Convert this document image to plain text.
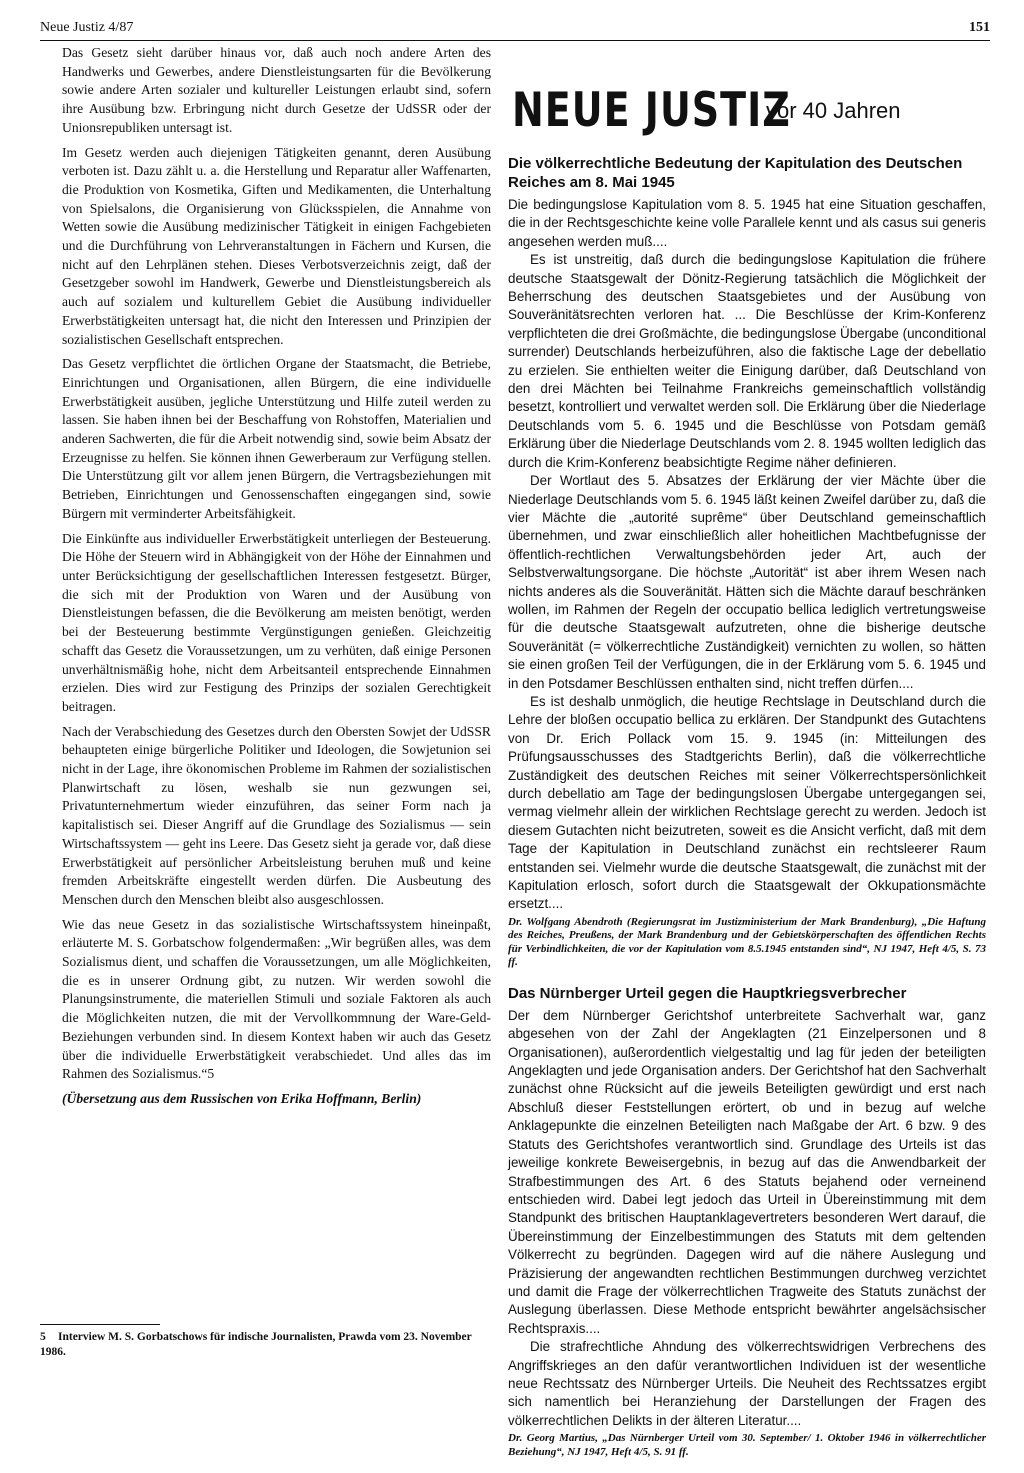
Neue Justiz 4/87	151

Das Gesetz sieht darüber hinaus vor, daß auch noch andere Arten des Handwerks und Gewerbes, andere Dienstleistungsarten für die Bevölkerung sowie andere Arten sozialer und kultureller Leistungen erlaubt sind, sofern ihre Ausübung bzw. Erbringung nicht durch Gesetze der UdSSR oder der Unionsrepubliken untersagt ist.

Im Gesetz werden auch diejenigen Tätigkeiten genannt, deren Ausübung verboten ist. Dazu zählt u. a. die Herstellung und Reparatur aller Waffenarten, die Produktion von Kosmetika, Giften und Medikamenten, die Unterhaltung von Spielsalons, die Organisierung von Glücksspielen, die Annahme von Wetten sowie die Ausübung medizinischer Tätigkeit in einigen Fachgebieten und die Durchführung von Lehrveranstaltungen in Fächern und Kursen, die nicht auf den Lehrplänen stehen. Dieses Verbotsverzeichnis zeigt, daß der Gesetzgeber sowohl im Handwerk, Gewerbe und Dienstleistungsbereich als auch auf sozialem und kulturellem Gebiet die Ausübung individueller Erwerbstätigkeiten untersagt hat, die nicht den Interessen und Prinzipien der sozialistischen Gesellschaft entsprechen.

Das Gesetz verpflichtet die örtlichen Organe der Staatsmacht, die Betriebe, Einrichtungen und Organisationen, allen Bürgern, die eine individuelle Erwerbstätigkeit ausüben, jegliche Unterstützung und Hilfe zuteil werden zu lassen. Sie haben ihnen bei der Beschaffung von Rohstoffen, Materialien und anderen Sachwerten, die für die Arbeit notwendig sind, sowie beim Absatz der Erzeugnisse zu helfen. Sie können ihnen Gewerberaum zur Verfügung stellen. Die Unterstützung gilt vor allem jenen Bürgern, die Vertragsbeziehungen mit Betrieben, Einrichtungen und Genossenschaften eingegangen sind, sowie Bürgern mit verminderter Arbeitsfähigkeit.

Die Einkünfte aus individueller Erwerbstätigkeit unterliegen der Besteuerung. Die Höhe der Steuern wird in Abhängigkeit von der Höhe der Einnahmen und unter Berücksichtigung der gesellschaftlichen Interessen festgesetzt. Bürger, die sich mit der Produktion von Waren und der Ausübung von Dienstleistungen befassen, die die Bevölkerung am meisten benötigt, werden bei der Besteuerung bestimmte Vergünstigungen genießen. Gleichzeitig schafft das Gesetz die Voraussetzungen, um zu verhüten, daß einige Personen unverhältnismäßig hohe, nicht dem Arbeitsanteil entsprechende Einnahmen erzielen. Dies wird zur Festigung des Prinzips der sozialen Gerechtigkeit beitragen.

Nach der Verabschiedung des Gesetzes durch den Obersten Sowjet der UdSSR behaupteten einige bürgerliche Politiker und Ideologen, die Sowjetunion sei nicht in der Lage, ihre ökonomischen Probleme im Rahmen der sozialistischen Planwirtschaft zu lösen, weshalb sie nun gezwungen sei, Privatunternehmertum wieder einzuführen, das seiner Form nach ja kapitalistisch sei. Dieser Angriff auf die Grundlage des Sozialismus — sein Wirtschaftssystem — geht ins Leere. Das Gesetz sieht ja gerade vor, daß diese Erwerbstätigkeit auf persönlicher Arbeitsleistung beruhen muß und keine fremden Arbeitskräfte eingestellt werden dürfen. Die Ausbeutung des Menschen durch den Menschen bleibt also ausgeschlossen.

Wie das neue Gesetz in das sozialistische Wirtschaftssystem hineinpaßt, erläuterte M. S. Gorbatschow folgendermaßen: „Wir begrüßen alles, was dem Sozialismus dient, und schaffen die Voraussetzungen, um alle Möglichkeiten, die es in unserer Ordnung gibt, zu nutzen. Wir werden sowohl die Planungsinstrumente, die materiellen Stimuli und soziale Faktoren als auch die Möglichkeiten nutzen, die mit der Vervollkommnung der Ware-Geld-Beziehungen verbunden sind. In diesem Kontext haben wir auch das Gesetz über die individuelle Erwerbstätigkeit verabschiedet. Und alles das im Rahmen des Sozialismus.“5

(Übersetzung aus dem Russischen von Erika Hoffmann, Berlin)

5 Interview M. S. Gorbatschows für indische Journalisten, Prawda vom 23. November 1986.
NEUE JUSTIZ
vor 40 Jahren
Die völkerrechtliche Bedeutung der Kapitulation des Deutschen Reiches am 8. Mai 1945

Die bedingungslose Kapitulation vom 8. 5. 1945 hat eine Situation geschaffen, die in der Rechtsgeschichte keine volle Parallele kennt und als casus sui generis angesehen werden muß....

Es ist unstreitig, daß durch die bedingungslose Kapitulation die frühere deutsche Staatsgewalt der Dönitz-Regierung tatsächlich die Möglichkeit der Beherrschung des deutschen Staatsgebietes und der Ausübung von Souveränitätsrechten verloren hat. ... Die Beschlüsse der Krim-Konferenz verpflichteten die drei Großmächte, die bedingungslose Übergabe (unconditional surrender) Deutschlands herbeizuführen, also die faktische Lage der debellatio zu erzielen. Sie enthielten weiter die Einigung darüber, daß Deutschland von den drei Mächten bei Teilnahme Frankreichs gemeinschaftlich vollständig besetzt, kontrolliert und verwaltet werden soll. Die Erklärung über die Niederlage Deutschlands vom 5. 6. 1945 und die Beschlüsse von Potsdam gemäß Erklärung über die Niederlage Deutschlands vom 2. 8. 1945 wollten lediglich das durch die Krim-Konferenz beabsichtigte Regime näher definieren.

Der Wortlaut des 5. Absatzes der Erklärung der vier Mächte über die Niederlage Deutschlands vom 5. 6. 1945 läßt keinen Zweifel darüber zu, daß die vier Mächte die „autorité suprême“ über Deutschland gemeinschaftlich übernehmen, und zwar einschließlich aller hoheitlichen Machtbefugnisse der öffentlich-rechtlichen Verwaltungsbehörden jeder Art, auch der Selbstverwaltungsorgane. Die höchste „Autorität“ ist aber ihrem Wesen nach nichts anderes als die Souveränität. Hätten sich die Mächte darauf beschränken wollen, im Rahmen der Regeln der occupatio bellica lediglich vertretungsweise für die deutsche Staatsgewalt aufzutreten, ohne die bisherige deutsche Souveränität (= völkerrechtliche Zuständigkeit) vernichten zu wollen, so hätten sie einen großen Teil der Verfügungen, die in der Erklärung vom 5. 6. 1945 und in den Potsdamer Beschlüssen enthalten sind, nicht treffen dürfen....

Es ist deshalb unmöglich, die heutige Rechtslage in Deutschland durch die Lehre der bloßen occupatio bellica zu erklären. Der Standpunkt des Gutachtens von Dr. Erich Pollack vom 15. 9. 1945 (in: Mitteilungen des Prüfungsausschusses des Stadtgerichts Berlin), daß die völkerrechtliche Zuständigkeit des deutschen Reiches mit seiner Völkerrechtspersönlichkeit durch debellatio am Tage der bedingungslosen Übergabe untergegangen sei, vermag vielmehr allein der wirklichen Rechtslage gerecht zu werden. Jedoch ist diesem Gutachten nicht beizutreten, soweit es die Ansicht verficht, daß mit dem Tage der Kapitulation in Deutschland zunächst ein rechtsleerer Raum entstanden sei. Vielmehr wurde die deutsche Staatsgewalt, die zunächst mit der Kapitulation erlosch, sofort durch die Staatsgewalt der Okkupationsmächte ersetzt....

Dr. Wolfgang Abendroth (Regierungsrat im Justizministerium der Mark Brandenburg), „Die Haftung des Reiches, Preußens, der Mark Brandenburg und der Gebietskörperschaften des öffentlichen Rechts für Verbindlichkeiten, die vor der Kapitulation vom 8.5.1945 entstanden sind“, NJ 1947, Heft 4/5, S. 73 ff.

Das Nürnberger Urteil gegen die Hauptkriegsverbrecher

Der dem Nürnberger Gerichtshof unterbreitete Sachverhalt war, ganz abgesehen von der Zahl der Angeklagten (21 Einzelpersonen und 8 Organisationen), außerordentlich vielgestaltig und lag für jeden der beteiligten Angeklagten und jede Organisation anders. Der Gerichtshof hat den Sachverhalt zunächst ohne Rücksicht auf die jeweils Beteiligten gewürdigt und erst nach Abschluß dieser Feststellungen erörtert, ob und in bezug auf welche Anklagepunkte die einzelnen Beteiligten nach Maßgabe der Art. 6 bzw. 9 des Statuts des Gerichtshofes verantwortlich sind. Grundlage des Urteils ist das jeweilige konkrete Beweisergebnis, in bezug auf das die Anwendbarkeit der Strafbestimmungen des Art. 6 des Statuts bejahend oder verneinend entschieden wird. Dabei legt jedoch das Urteil in Übereinstimmung mit dem Standpunkt des britischen Hauptanklagevertreters besonderen Wert darauf, die Übereinstimmung der Einzelbestimmungen des Statuts mit dem geltenden Völkerrecht zu begründen. Dagegen wird auf die nähere Auslegung und Präzisierung der angewandten rechtlichen Bestimmungen durchweg verzichtet und damit die Frage der völkerrechtlichen Tragweite des Statuts zunächst der Auslegung überlassen. Diese Methode entspricht bewährter angelsächsischer Rechtspraxis....

Die strafrechtliche Ahndung des völkerrechtswidrigen Verbrechens des Angriffskrieges an den dafür verantwortlichen Individuen ist der wesentliche neue Rechtssatz des Nürnberger Urteils. Die Neuheit des Rechtssatzes ergibt sich namentlich bei Heranziehung der Darstellungen der Fragen des völkerrechtlichen Delikts in der älteren Literatur....

Dr. Georg Martius, „Das Nürnberger Urteil vom 30. September/ 1. Oktober 1946 in völkerrechtlicher Beziehung“, NJ 1947, Heft 4/5, S. 91 ff.
